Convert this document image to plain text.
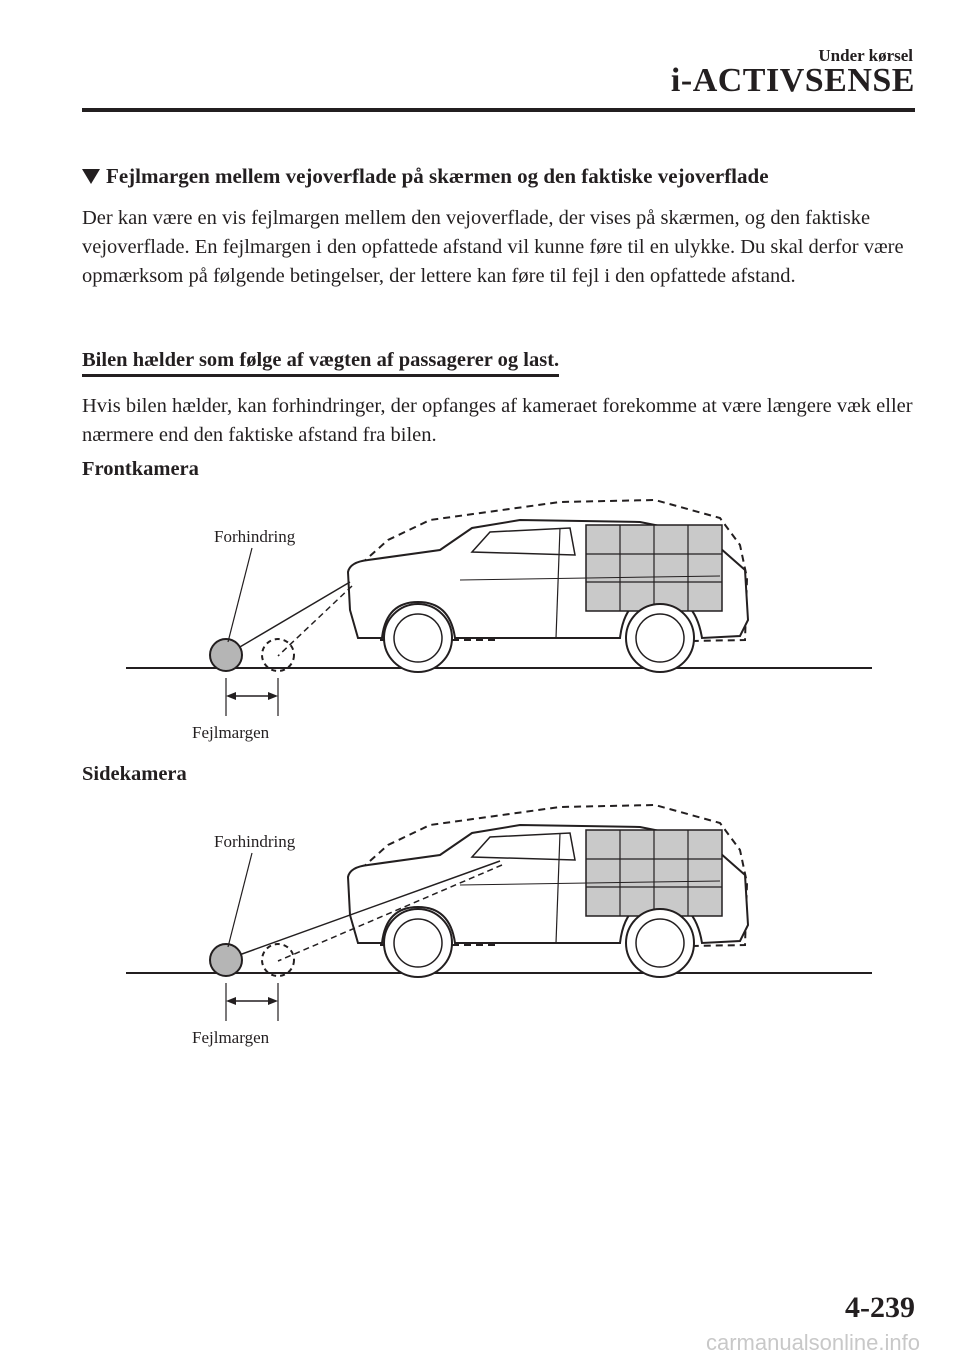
Under kørsel
i-ACTIVSENSE
Fejlmargen mellem vejoverflade på skærmen og den faktiske vejoverflade
Der kan være en vis fejlmargen mellem den vejoverflade, der vises på skærmen, og den faktiske vejoverflade. En fejlmargen i den opfattede afstand vil kunne føre til en ulykke. Du skal derfor være opmærksom på følgende betingelser, der lettere kan føre til fejl i den opfattede afstand.
Bilen hælder som følge af vægten af passagerer og last.
Hvis bilen hælder, kan forhindringer, der opfanges af kameraet forekomme at være længere væk eller nærmere end den faktiske afstand fra bilen.
Frontkamera
Forhindring
Fejlmargen
Sidekamera
Forhindring
Fejlmargen
4-239
carmanualsonline.info
